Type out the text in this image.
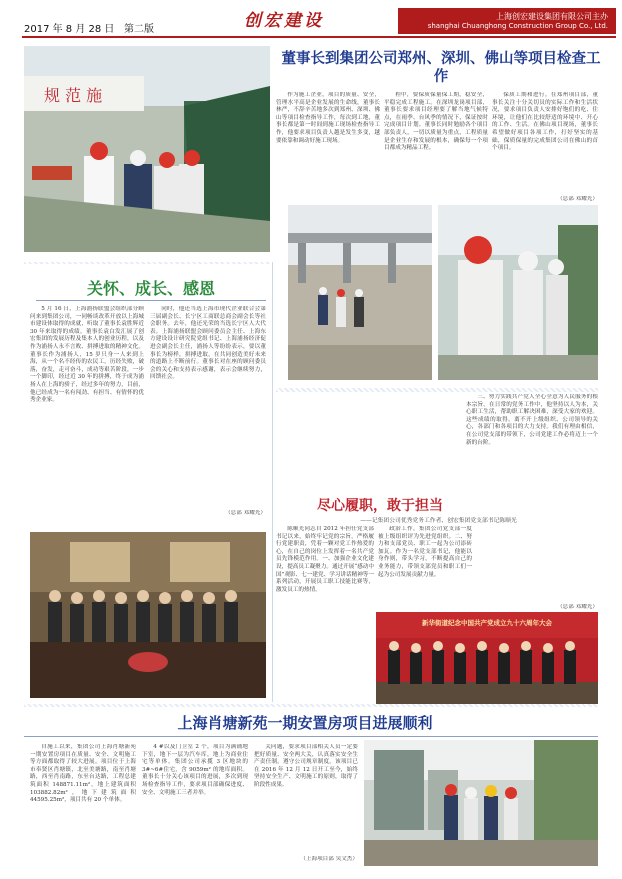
2017 年 8 月 28 日 第二版	创宏建设	上海创宏建设集团有限公司主办
shanghai Chuanghong Construction Group Co., Ltd.
规 范 施
董事长到集团公司郑州、深圳、佛山等项目检查工作

作为施工企业，项目的质量、安全，管理水平高是企业发展的生命线，董事长林严，不辞辛苦地多次到郑州、深圳、佛山等项目检查指导工作，每次到工地，董事长都是第一时间到施工现场检查指导工作，他要求项目负责人越是发生多变，越要依靠和调动好施工现场。

程中，要保质保量保工期，稳安全，平稳完成工程施工。在深圳龙岗项目部，董事长要求项目经理要了解当地气候特点，在雨季、台风季的情况下，保证按时完成项目计划。董事长同时勉励各个项目部负责人，一切以质量为重点，工程质量是企业生存和发展的根本，确保每一个项目都成为精品工程。

保质工期和进行。在郑州项目部，董事长关注十分关切员的实际工作和生活状况，要求项目负责人安排好饱们的吃、住环境，让他们在比较舒适的环境中、开心的工作、生活。在佛山项目现场，董事长希望做好项目各项工作，打好坚实的基础，保质保量的完成集团公司在佛山的首个项目。

（总部 邓耀光）
关怀、成长、感恩

5 月 16 日，上海浦扬联盟会组织部分顾问来到集团公司，一同畅谈改革开放以上海城市建设体取得的成就，听取了董事长袁胜辉近 30 年来取得的成绩。董事长袁白发汇展了创宏集团的发展历程及集本人的创业历程，以及作为浦扬人永不言败、拼搏进取的精神文化。董事长作为浦扬人，15 岁只身一人来到上海，从一个名不经传的农民工，历经失败，破落，奋发，走可奋斗，成功等艰苦阶段，一步一个脚印，经过近 30 年的拼搏，终于成为浦扬人在上海的骄子，经过多年的努力，目前，他已经成为一名有闯劲、有担当、有情怀的优秀企业家。

同时，他还当选上海市现代企业联合会第三届副会长、长宁区工商联总商会副会长等社会职务。去年，他还光荣的当选长宁区人大代表。上海浦扬联盟会顾问委员会主任、上海东方建设设计研究院党组书记、上海浦扬经济促进会副会长主任，浦扬人等纷纷表示，要以董事长为榜样，拼搏进取，在共同创造美好未来的道路上不断前行。董事长对在座的顾问委员会的关心和支持表示感谢，表示会继续努力，回馈社会。

（总部 邓耀光）

三、努力实践共产党人全心全意为人民服务的根本宗旨。在日常的党务工作中，他坚持以人为本，关心职工生活，帮助职工解决困难，深受大家的欢迎。这些成绩的取得，离不开上级组织、公司领导的关心，各部门和各项目的大力支持。我们有理由相信，在公司党支部的带领下，公司党建工作必将迈上一个新的台阶。

尽心履职，敢于担当
——记集团公司优秀党务工作者、创宏集团党支部书记陈顺光

陈顺光同志自 2012 年担任党支部书记以来，始终牢记党的宗旨，严格履行党建职责，凭着一颗对党工作热爱的心，在自己的岗位上发挥着一名共产党员先锋模范作用。一、加强企业文化建设，提高员工凝聚力。通过开展“感动中国”观影、七一建党、学习讲话精神等一系列活动，开展员工职工技能比赛等，激发员工的热情。

政治工作，集团公司党支部一度被上级组织评为先进党组织。二、努力和支部党员、职工一起为公司添砖加瓦。作为一名党支部书记，他能以身作则，带头学习，不断提高自己的业务能力，带领支部党员和职工们一起为公司发展贡献力量。

（总部 邓耀光）
新华街道纪念中国共产党成立九十六周年大会
上海肖塘新苑一期安置房项目进展顺利

自施工以来，集团公司上海肖塘新苑一期安置房项目在质量、安全、文明施工等方面都取得了较大进展。项目位于上海市奉贤区肖塘镇，北至美塘路，南至肖塘路，西至肖南路，东至台达路，工程总建筑面积 148871.11m²，地上建筑面积 103882.82m²，地下建筑面积 44595.25m²，项目共有 20 个单体。

4 #以及门卫室 2 个，项目为满铺地下室，地下一层为汽车库，地上为商业住宅等单体。集团公司承揽 3 区地块的 3#~6#住宅，含 9059m² 的地库面积。董事长十分关心该项目的进展，多次到现场检查指导工作，要求项目部确保进度、安全、文明施工三者并举。

关问题，要求项目部相关人员一定要把好质量、安全两大关，认真落实安全生产责任制，遵守公司规章制度。该项目已在 2016 年 12 月 12 日开工至今，始终坚持安全生产、文明施工的原则，取得了阶段性成果。

（上海项目部 吴文杰）
